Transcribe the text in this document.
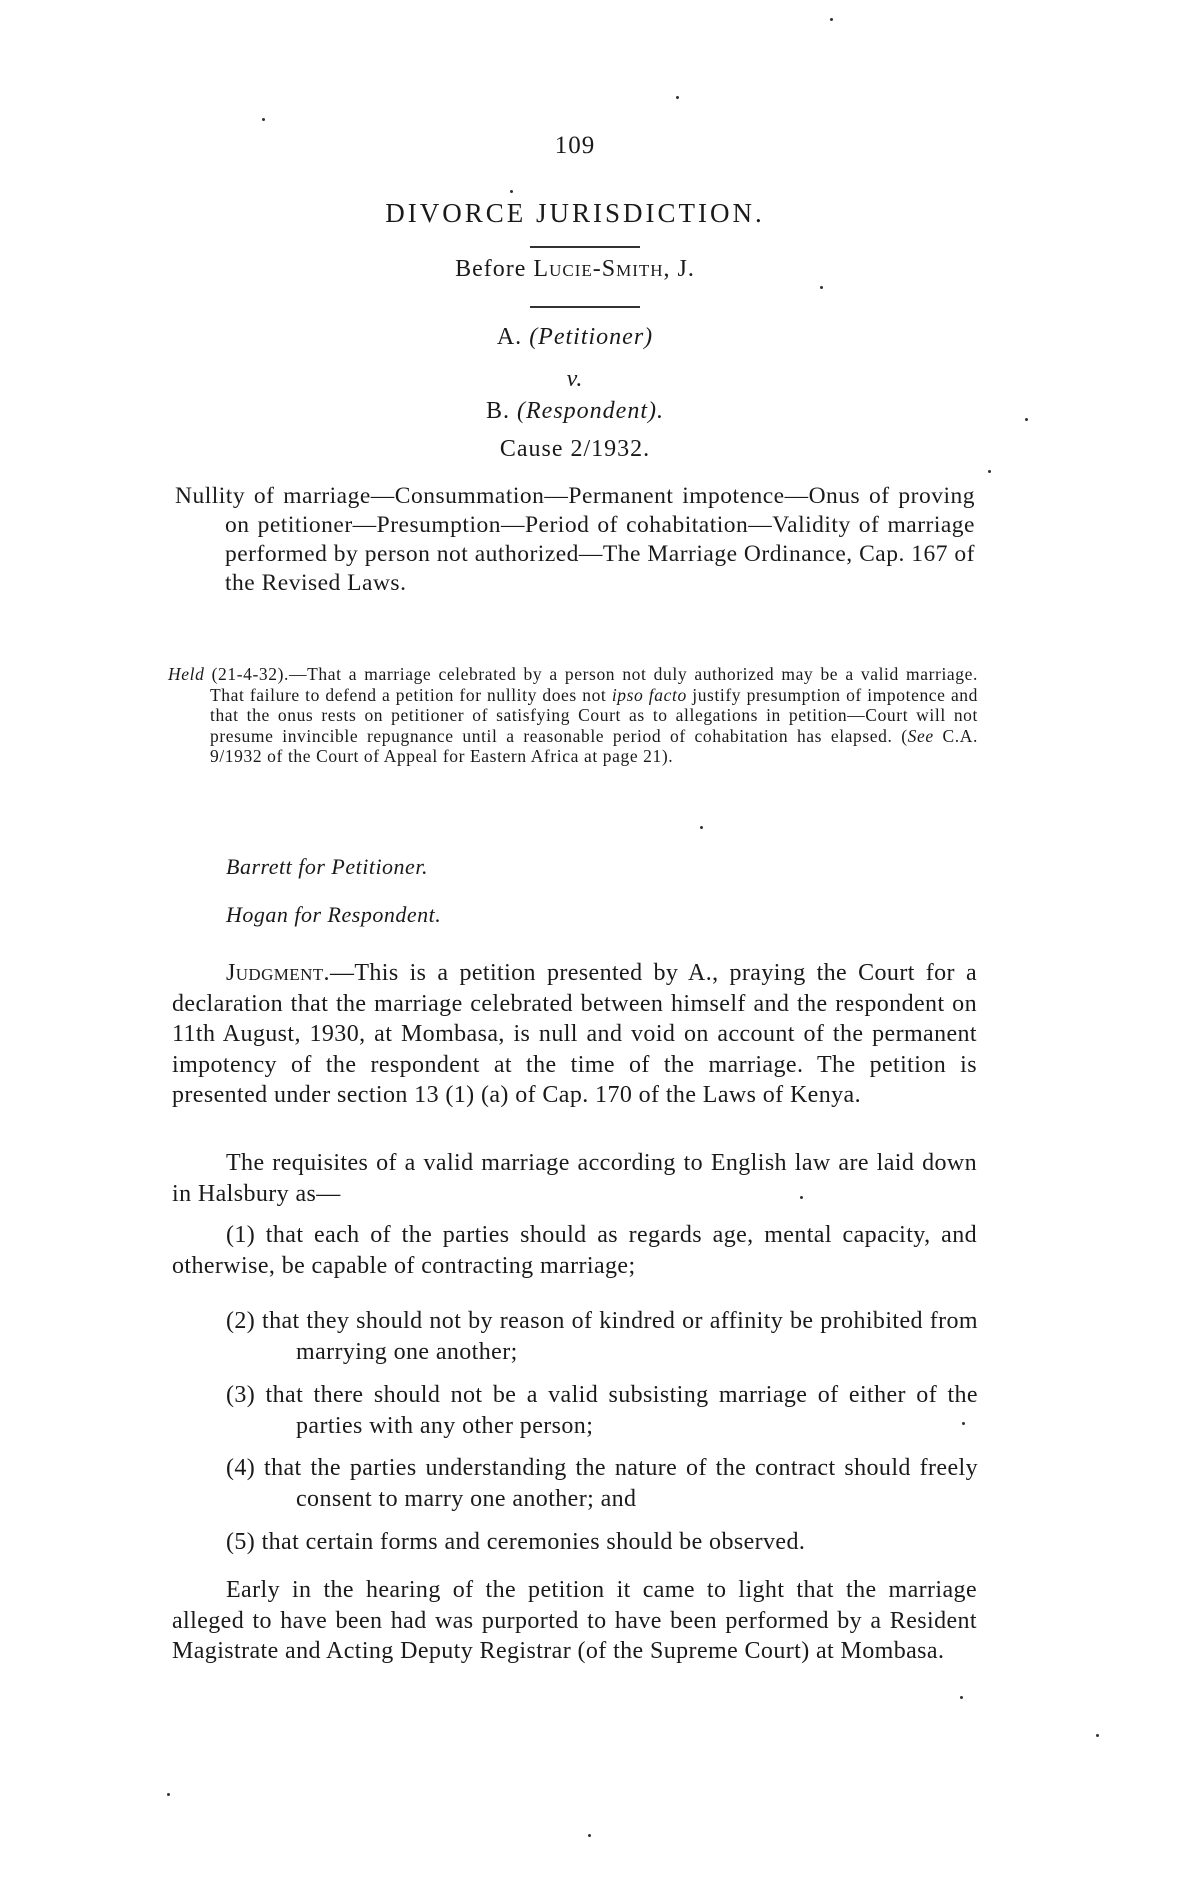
109
DIVORCE JURISDICTION.
Before Lucie-Smith, J.
A. (Petitioner)
v.
B. (Respondent).
Cause 2/1932.
Nullity of marriage—Consummation—Permanent impotence—Onus of proving on petitioner—Presumption—Period of cohabitation—Validity of marriage performed by person not authorized—The Marriage Ordinance, Cap. 167 of the Revised Laws.
Held (21-4-32).—That a marriage celebrated by a person not duly authorized may be a valid marriage. That failure to defend a petition for nullity does not ipso facto justify presumption of impotence and that the onus rests on petitioner of satisfying Court as to allegations in petition—Court will not presume invincible repugnance until a reasonable period of cohabitation has elapsed. (See C.A. 9/1932 of the Court of Appeal for Eastern Africa at page 21).
Barrett for Petitioner.
Hogan for Respondent.
Judgment.—This is a petition presented by A., praying the Court for a declaration that the marriage celebrated between himself and the respondent on 11th August, 1930, at Mombasa, is null and void on account of the permanent impotency of the respondent at the time of the marriage. The petition is presented under section 13 (1) (a) of Cap. 170 of the Laws of Kenya.
The requisites of a valid marriage according to English law are laid down in Halsbury as—
(1) that each of the parties should as regards age, mental capacity, and otherwise, be capable of contracting marriage;
(2) that they should not by reason of kindred or affinity be prohibited from marrying one another;
(3) that there should not be a valid subsisting marriage of either of the parties with any other person;
(4) that the parties understanding the nature of the contract should freely consent to marry one another; and
(5) that certain forms and ceremonies should be observed.
Early in the hearing of the petition it came to light that the marriage alleged to have been had was purported to have been performed by a Resident Magistrate and Acting Deputy Registrar (of the Supreme Court) at Mombasa.
